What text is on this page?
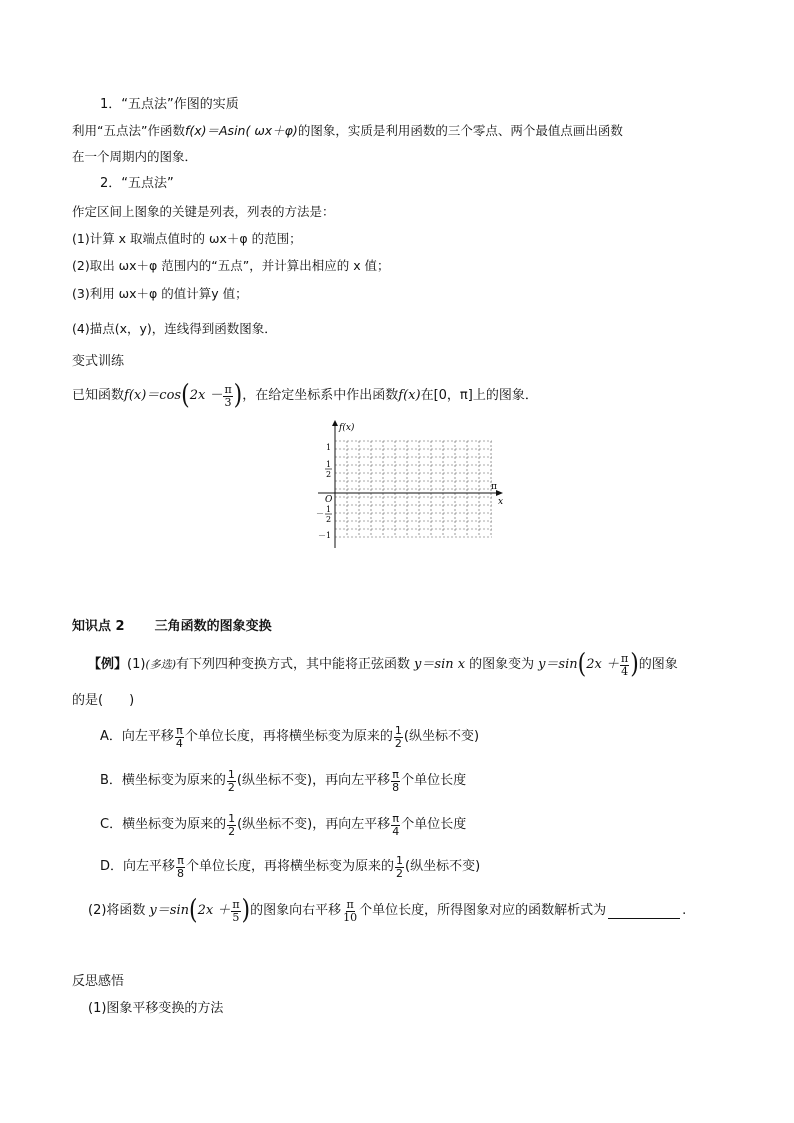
1．“五点法”作图的实质
利用“五点法”作函数f(x)＝Asin( ωx＋φ)的图象，实质是利用函数的三个零点、两个最值点画出函数
在一个周期内的图象．
2．“五点法”
作定区间上图象的关键是列表，列表的方法是：
(1)计算 x 取端点值时的 ωx＋φ 的范围；
(2)取出 ωx＋φ 范围内的“五点”，并计算出相应的 x 值；
(3)利用 ωx＋φ 的值计算y 值；
(4)描点(x，y)，连线得到函数图象．
变式训练
已知函数 f(x)＝cos ( $2x - \frac{\pi}{3}$ ) ，在给定坐标系中作出函数 f(x) 在[0，π]上的图象．
f(x)
x
π
O
1
1
2
－ 1
2
－1
知识点 2 三角函数的图象变换
【例】 (1) (多选) 有下列四种变换方式，其中能将正弦函数 y＝sin x 的图象变为 y＝sin ( $2x + \frac{\pi}{4}$ ) 的图象
的是(　　)
A．向左平移 $\frac{\pi}{4}$ 个单位长度，再将横坐标变为原来的 $\frac{1}{2}$ (纵坐标不变)
B．横坐标变为原来的 $\frac{1}{2}$ (纵坐标不变)，再向左平移 $\frac{\pi}{8}$ 个单位长度
C．横坐标变为原来的 $\frac{1}{2}$ (纵坐标不变)，再向左平移 $\frac{\pi}{4}$ 个单位长度
D．向左平移 $\frac{\pi}{8}$ 个单位长度，再将横坐标变为原来的 $\frac{1}{2}$ (纵坐标不变)
(2)将函数 y＝sin ( $2x + \frac{\pi}{5}$ ) 的图象向右平移 $\frac{\pi}{10}$ 个单位长度，所得图象对应的函数解析式为	.
反思感悟
(1)图象平移变换的方法
